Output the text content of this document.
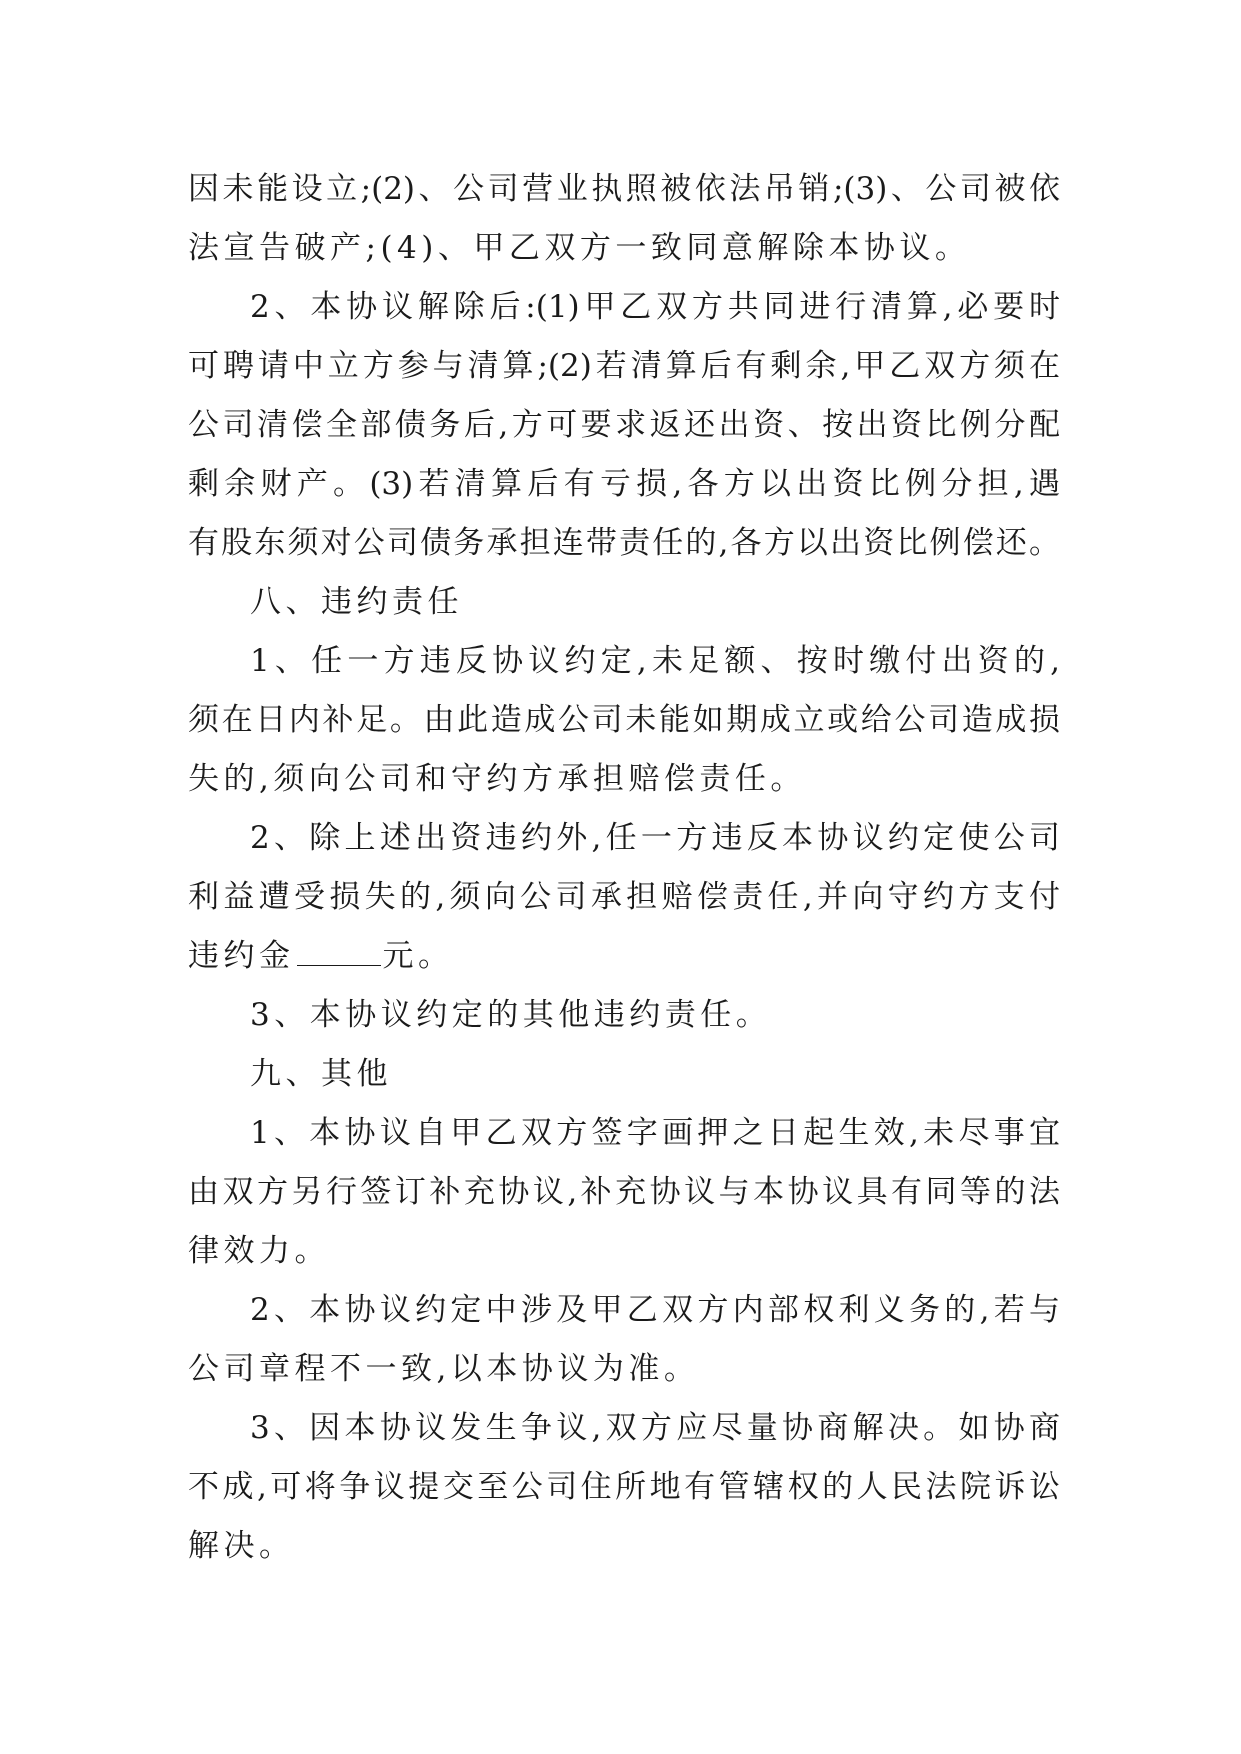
因未能设立;(2)、公司营业执照被依法吊销;(3)、公司被依
法宣告破产;(4)、甲乙双方一致同意解除本协议。
2、本协议解除后:(1)甲乙双方共同进行清算,必要时
可聘请中立方参与清算;(2)若清算后有剩余,甲乙双方须在
公司清偿全部债务后,方可要求返还出资、按出资比例分配
剩余财产。(3)若清算后有亏损,各方以出资比例分担,遇
有股东须对公司债务承担连带责任的,各方以出资比例偿还。
八、违约责任
1、任一方违反协议约定,未足额、按时缴付出资的,
须在日内补足。由此造成公司未能如期成立或给公司造成损
失的,须向公司和守约方承担赔偿责任。
2、除上述出资违约外,任一方违反本协议约定使公司
利益遭受损失的,须向公司承担赔偿责任,并向守约方支付
违约金	元。
3、本协议约定的其他违约责任。
九、其他
1、本协议自甲乙双方签字画押之日起生效,未尽事宜
由双方另行签订补充协议,补充协议与本协议具有同等的法
律效力。
2、本协议约定中涉及甲乙双方内部权利义务的,若与
公司章程不一致,以本协议为准。
3、因本协议发生争议,双方应尽量协商解决。如协商
不成,可将争议提交至公司住所地有管辖权的人民法院诉讼
解决。
